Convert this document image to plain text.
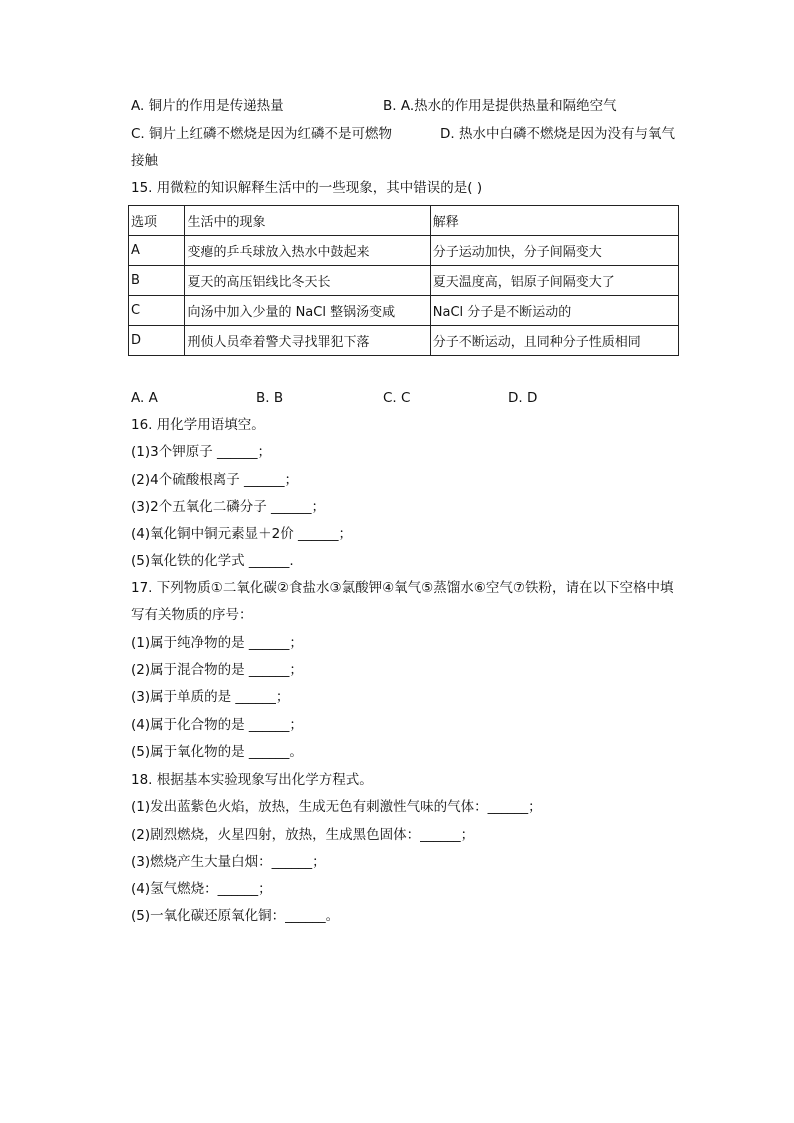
A. 铜片的作用是传递热量	B. A.热水的作用是提供热量和隔绝空气
C. 铜片上红磷不燃烧是因为红磷不是可燃物	D. 热水中白磷不燃烧是因为没有与氧气
接触
15. 用微粒的知识解释生活中的一些现象，其中错误的是( )
选项	生活中的现象	解释
A	变瘪的乒乓球放入热水中鼓起来	分子运动加快，分子间隔变大
B	夏天的高压铝线比冬天长	夏天温度高，铝原子间隔变大了
C	向汤中加入少量的 NaCl 整锅汤变咸	NaCl 分子是不断运动的
D	刑侦人员牵着警犬寻找罪犯下落	分子不断运动，且同种分子性质相同
A. A	B. B	C. C	D. D
16. 用化学用语填空。
(1)3个钾原子 ______；
(2)4个硫酸根离子 ______；
(3)2个五氧化二磷分子 ______；
(4)氧化铜中铜元素显＋2价 ______；
(5)氧化铁的化学式 ______.
17. 下列物质①二氧化碳②食盐水③氯酸钾④氧气⑤蒸馏水⑥空气⑦铁粉，请在以下空格中填
写有关物质的序号：
(1)属于纯净物的是 ______；
(2)属于混合物的是 ______；
(3)属于单质的是 ______；
(4)属于化合物的是 ______；
(5)属于氧化物的是 ______。
18. 根据基本实验现象写出化学方程式。
(1)发出蓝紫色火焰，放热，生成无色有刺激性气味的气体：______；
(2)剧烈燃烧，火星四射，放热，生成黑色固体：______；
(3)燃烧产生大量白烟：______；
(4)氢气燃烧：______；
(5)一氧化碳还原氧化铜：______。
